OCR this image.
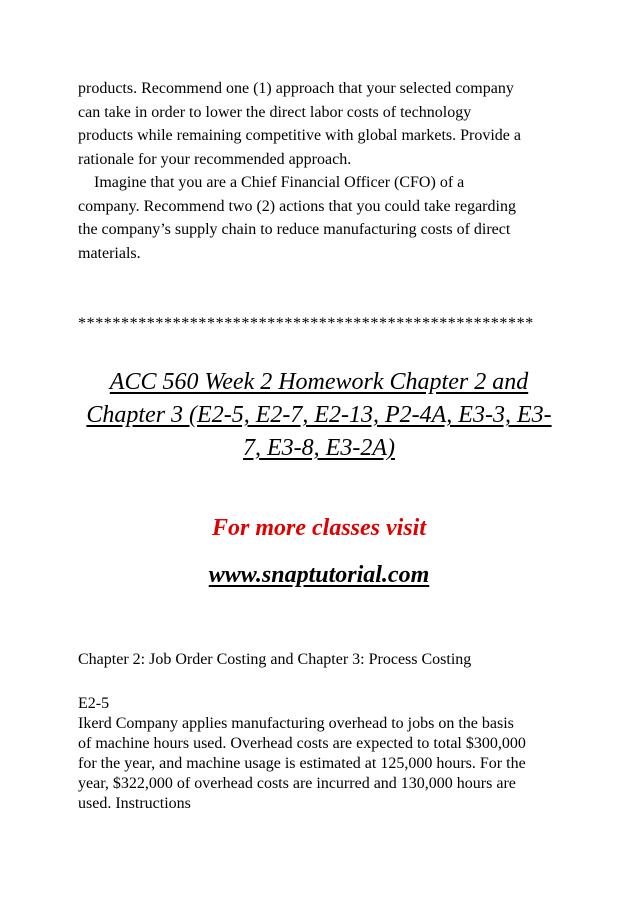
products. Recommend one (1) approach that your selected company

can take in order to lower the direct labor costs of technology

products while remaining competitive with global markets. Provide a

rationale for your recommended approach.

Imagine that you are a Chief Financial Officer (CFO) of a

company. Recommend two (2) actions that you could take regarding

the company’s supply chain to reduce manufacturing costs of direct

materials.

*****************************************************
ACC 560 Week 2 Homework Chapter 2 and
Chapter 3 (E2-5, E2-7, E2-13, P2-4A, E3-3, E3-
7, E3-8, E3-2A)
For more classes visit
www.snaptutorial.com
Chapter 2: Job Order Costing and Chapter 3: Process Costing

E2-5

Ikerd Company applies manufacturing overhead to jobs on the basis

of machine hours used. Overhead costs are expected to total $300,000

for the year, and machine usage is estimated at 125,000 hours. For the

year, $322,000 of overhead costs are incurred and 130,000 hours are

used. Instructions
